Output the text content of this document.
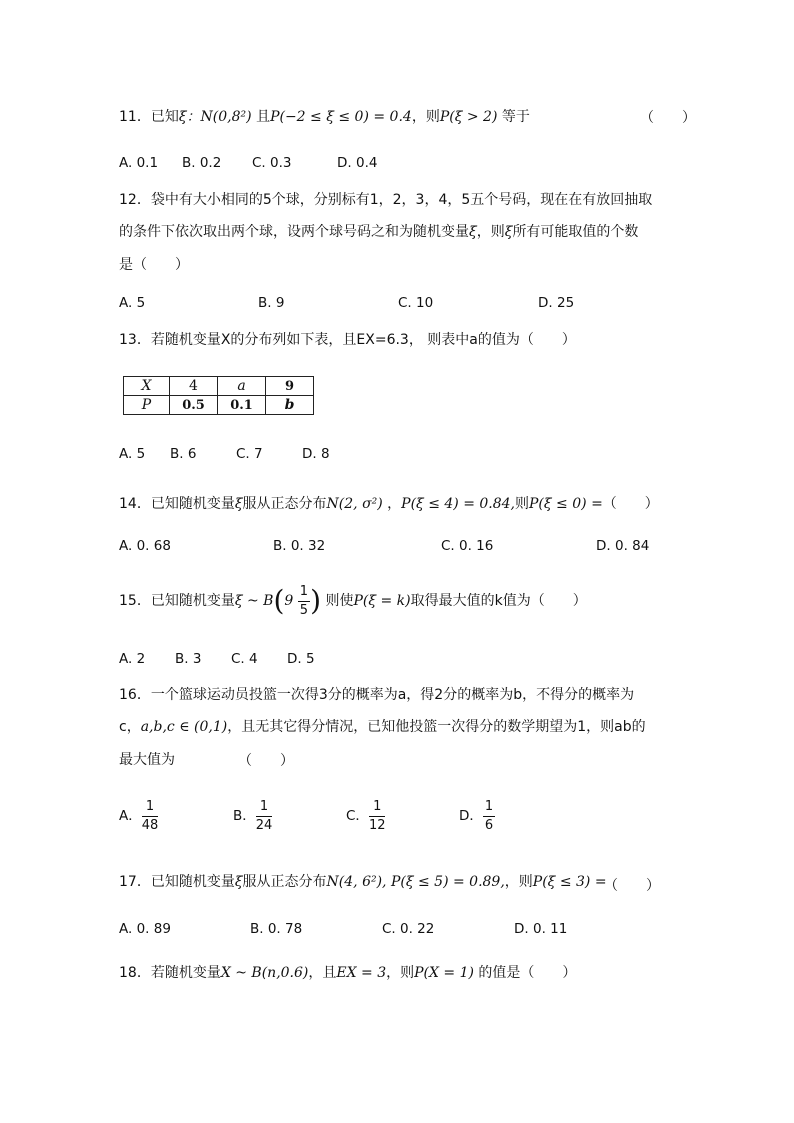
11．已知ξ：N(0,8²) 且P(−2 ≤ ξ ≤ 0) = 0.4，则P(ξ > 2) 等于	（　　）
A. 0.1 B. 0.2 C. 0.3	D. 0.4
12．袋中有大小相同的5个球，分别标有1，2，3，4，5五个号码，现在在有放回抽取
的条件下依次取出两个球，设两个球号码之和为随机变量ξ，则ξ所有可能取值的个数
是（　　）
A. 5	B. 9	C. 10	D. 25
13．若随机变量X的分布列如下表，且EX=6.3， 则表中a的值为（　　）
X	4	a	9
P	0.5	0.1	b
A. 5 B. 6	C. 7	D. 8
14．已知随机变量ξ服从正态分布N(2, σ²) ，P(ξ ≤ 4) = 0.84,则P(ξ ≤ 0) =（　　）
A. 0. 68	B. 0. 32	C. 0. 16	D. 0. 84
15．已知随机变量ξ ~ $B(9 \frac{1}{5}$ ) 则使P(ξ = k)取得最大值的k值为（　　）
A. 2 B. 3 C. 4 D. 5
16．一个篮球运动员投篮一次得3分的概率为a，得2分的概率为b，不得分的概率为
c，a,b,c ∈ (0,1)，且无其它得分情况，已知他投篮一次得分的数学期望为1，则ab的
最大值为	（　　）
A． $\frac{1}{48}$	B． $\frac{1}{24}$	C． $\frac{1}{12}$	D． $\frac{1}{6}$
17．已知随机变量ξ服从正态分布N(4, 6²), P(ξ ≤ 5) = 0.89,，则P(ξ ≤ 3) =
（　　）
A. 0. 89	B. 0. 78	C. 0. 22	D. 0. 11
18．若随机变量X ~ B(n,0.6)，且EX = 3，则P(X = 1) 的值是（　　）
